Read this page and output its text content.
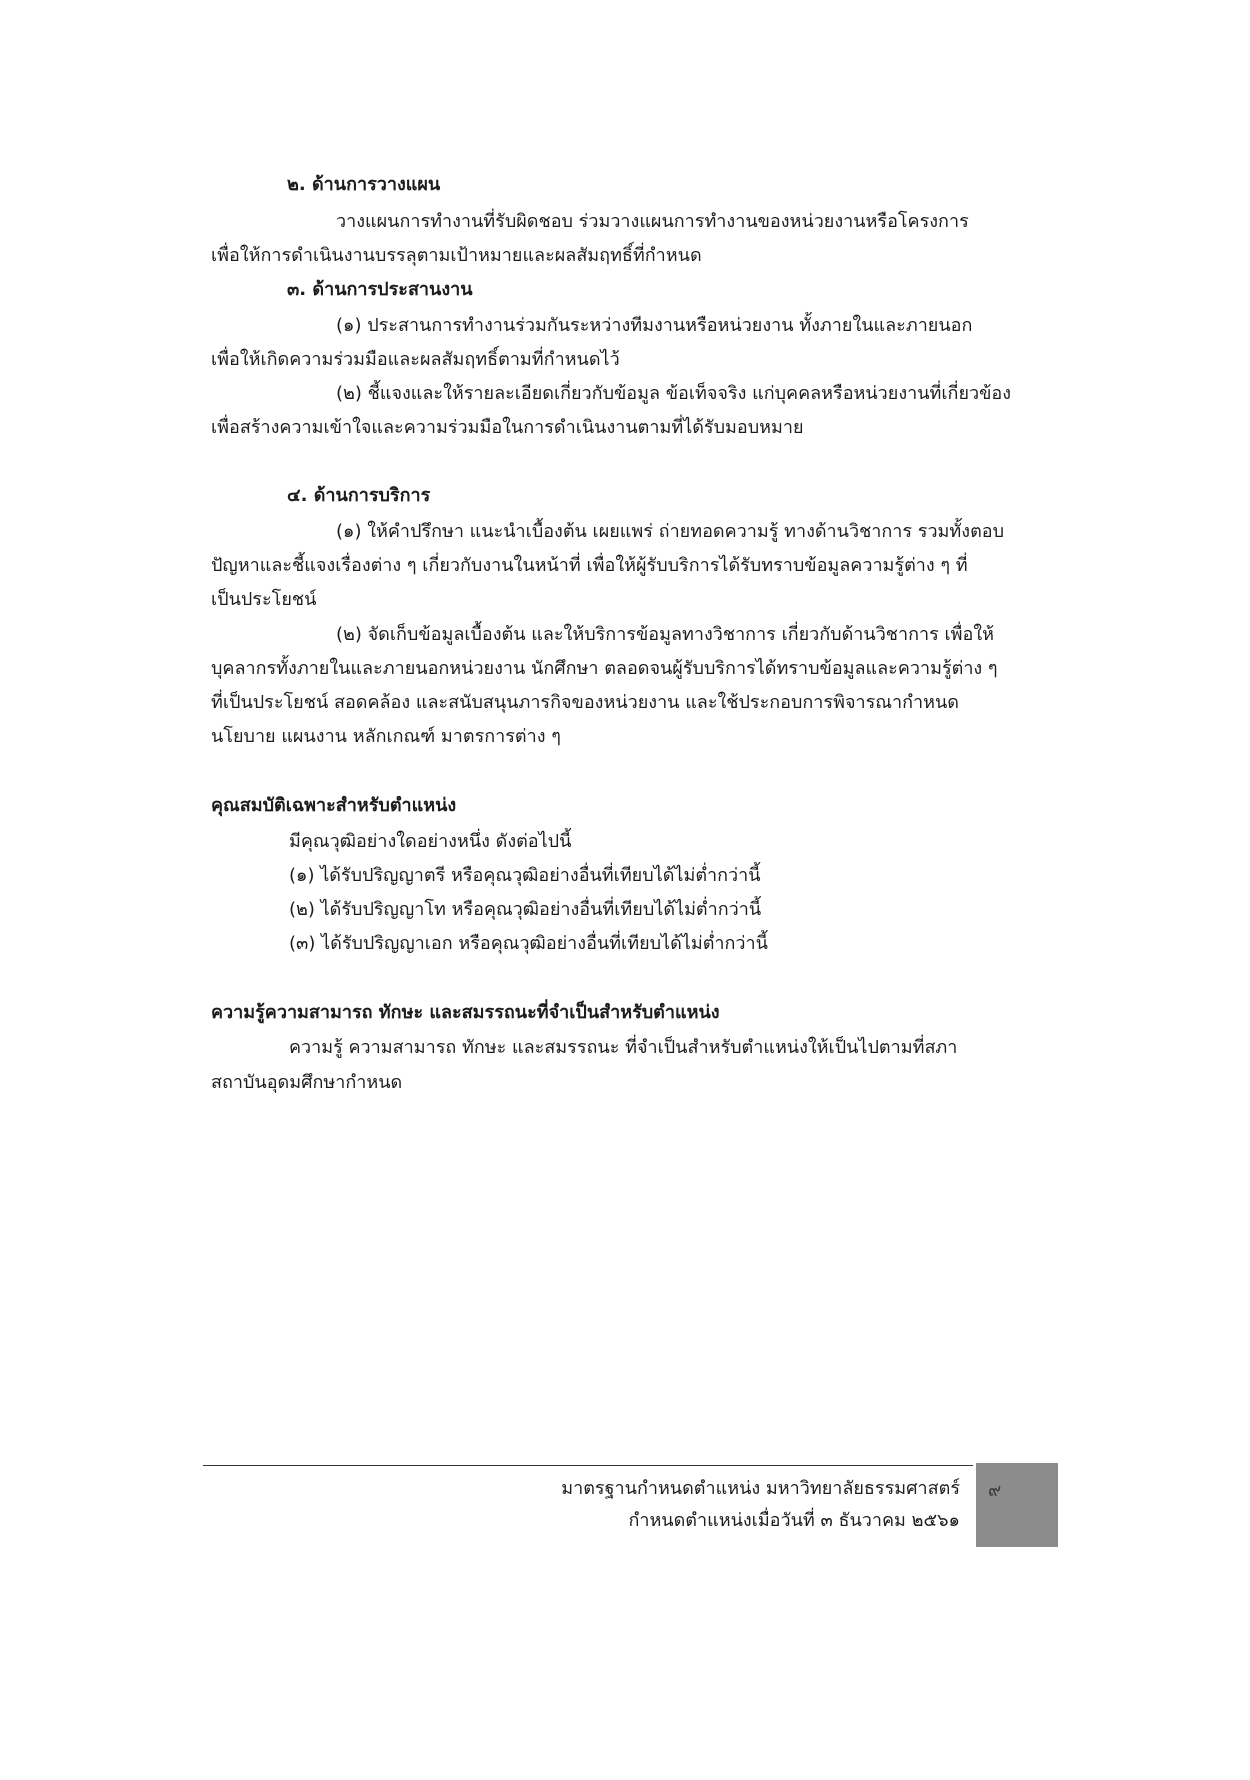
๒. ด้านการวางแผน
วางแผนการทำงานที่รับผิดชอบ ร่วมวางแผนการทำงานของหน่วยงานหรือโครงการ
เพื่อให้การดำเนินงานบรรลุตามเป้าหมายและผลสัมฤทธิ์ที่กำหนด
๓. ด้านการประสานงาน
(๑) ประสานการทำงานร่วมกันระหว่างทีมงานหรือหน่วยงาน ทั้งภายในและภายนอก
เพื่อให้เกิดความร่วมมือและผลสัมฤทธิ์ตามที่กำหนดไว้
(๒) ชี้แจงและให้รายละเอียดเกี่ยวกับข้อมูล ข้อเท็จจริง แก่บุคคลหรือหน่วยงานที่เกี่ยวข้อง
เพื่อสร้างความเข้าใจและความร่วมมือในการดำเนินงานตามที่ได้รับมอบหมาย
๔. ด้านการบริการ
(๑) ให้คำปรึกษา แนะนำเบื้องต้น เผยแพร่ ถ่ายทอดความรู้ ทางด้านวิชาการ รวมทั้งตอบ
ปัญหาและชี้แจงเรื่องต่าง ๆ เกี่ยวกับงานในหน้าที่ เพื่อให้ผู้รับบริการได้รับทราบข้อมูลความรู้ต่าง ๆ ที่
เป็นประโยชน์
(๒) จัดเก็บข้อมูลเบื้องต้น และให้บริการข้อมูลทางวิชาการ เกี่ยวกับด้านวิชาการ เพื่อให้
บุคลากรทั้งภายในและภายนอกหน่วยงาน นักศึกษา ตลอดจนผู้รับบริการได้ทราบข้อมูลและความรู้ต่าง ๆ
ที่เป็นประโยชน์ สอดคล้อง และสนับสนุนภารกิจของหน่วยงาน และใช้ประกอบการพิจารณากำหนด
นโยบาย แผนงาน หลักเกณฑ์ มาตรการต่าง ๆ
คุณสมบัติเฉพาะสำหรับตำแหน่ง
มีคุณวุฒิอย่างใดอย่างหนึ่ง ดังต่อไปนี้
(๑) ได้รับปริญญาตรี หรือคุณวุฒิอย่างอื่นที่เทียบได้ไม่ต่ำกว่านี้
(๒) ได้รับปริญญาโท หรือคุณวุฒิอย่างอื่นที่เทียบได้ไม่ต่ำกว่านี้
(๓) ได้รับปริญญาเอก หรือคุณวุฒิอย่างอื่นที่เทียบได้ไม่ต่ำกว่านี้
ความรู้ความสามารถ ทักษะ และสมรรถนะที่จำเป็นสำหรับตำแหน่ง
ความรู้ ความสามารถ ทักษะ และสมรรถนะ ที่จำเป็นสำหรับตำแหน่งให้เป็นไปตามที่สภา
สถาบันอุดมศึกษากำหนด
มาตรฐานกำหนดตำแหน่ง มหาวิทยาลัยธรรมศาสตร์
กำหนดตำแหน่งเมื่อวันที่ ๓ ธันวาคม ๒๕๖๑
๙
